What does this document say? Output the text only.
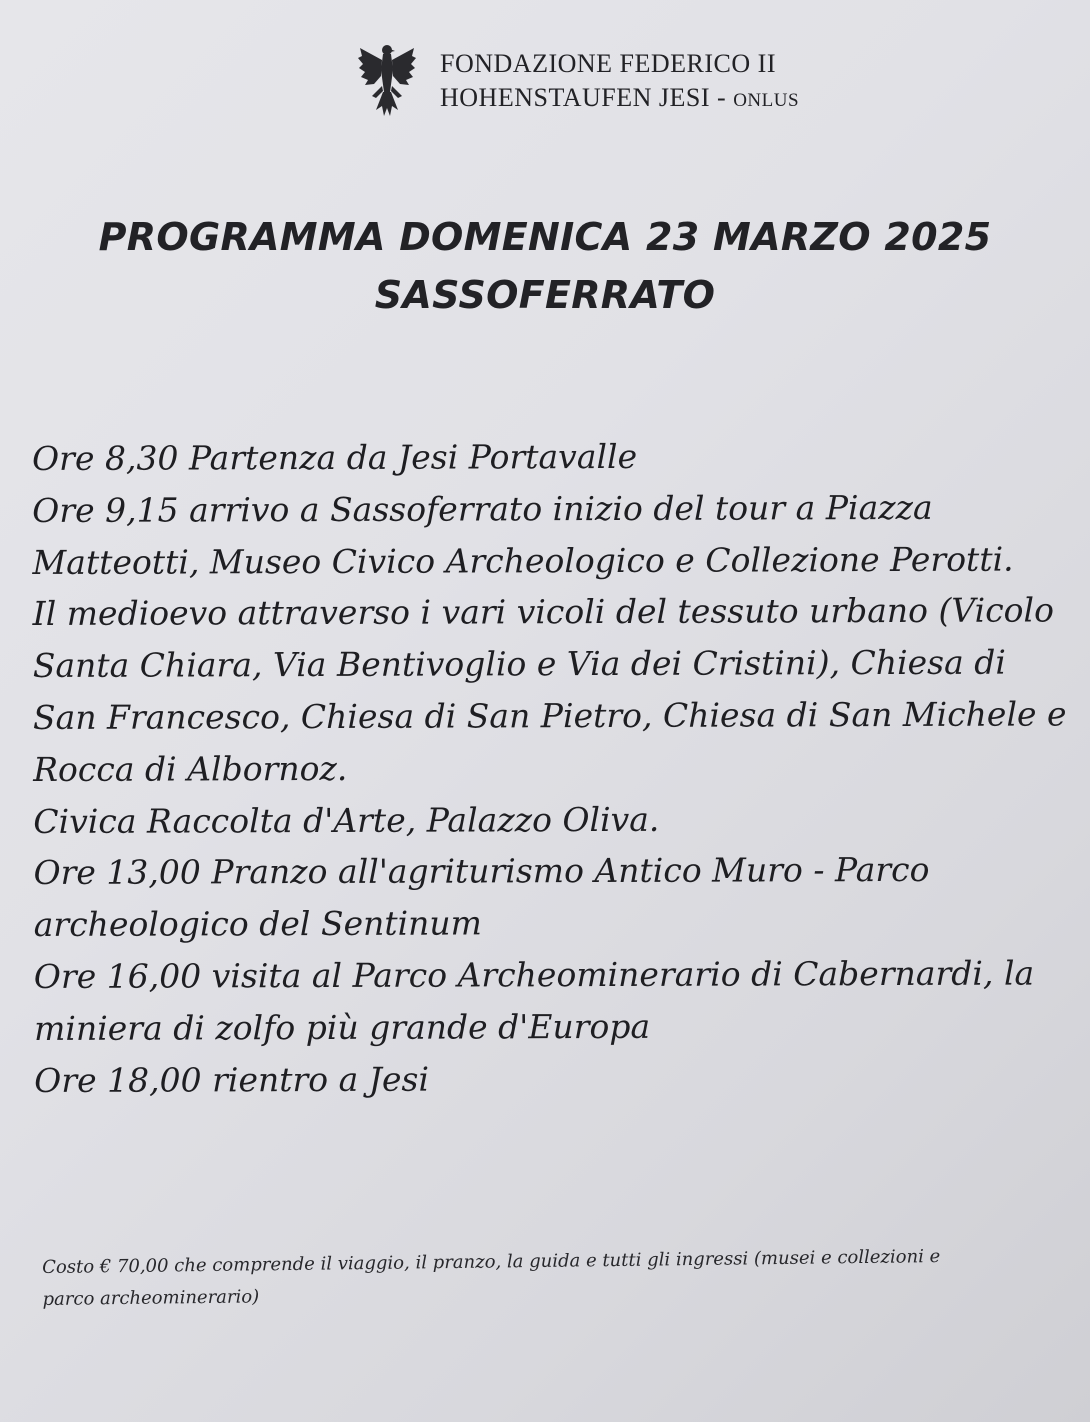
FONDAZIONE FEDERICO II
HOHENSTAUFEN JESI - ONLUS
PROGRAMMA DOMENICA 23 MARZO 2025
SASSOFERRATO
Ore 8,30 Partenza da Jesi Portavalle
Ore 9,15 arrivo a Sassoferrato inizio del tour a Piazza
Matteotti, Museo Civico Archeologico e Collezione Perotti.
Il medioevo attraverso i vari vicoli del tessuto urbano (Vicolo
Santa Chiara, Via Bentivoglio e Via dei Cristini), Chiesa di
San Francesco, Chiesa di San Pietro, Chiesa di San Michele e
Rocca di Albornoz.
Civica Raccolta d'Arte, Palazzo Oliva.
Ore 13,00 Pranzo all'agriturismo Antico Muro - Parco
archeologico del Sentinum
Ore 16,00 visita al Parco Archeominerario di Cabernardi, la
miniera di zolfo più grande d'Europa
Ore 18,00 rientro a Jesi
Costo € 70,00 che comprende il viaggio, il pranzo, la guida e tutti gli ingressi (musei e collezioni e
parco archeominerario)
